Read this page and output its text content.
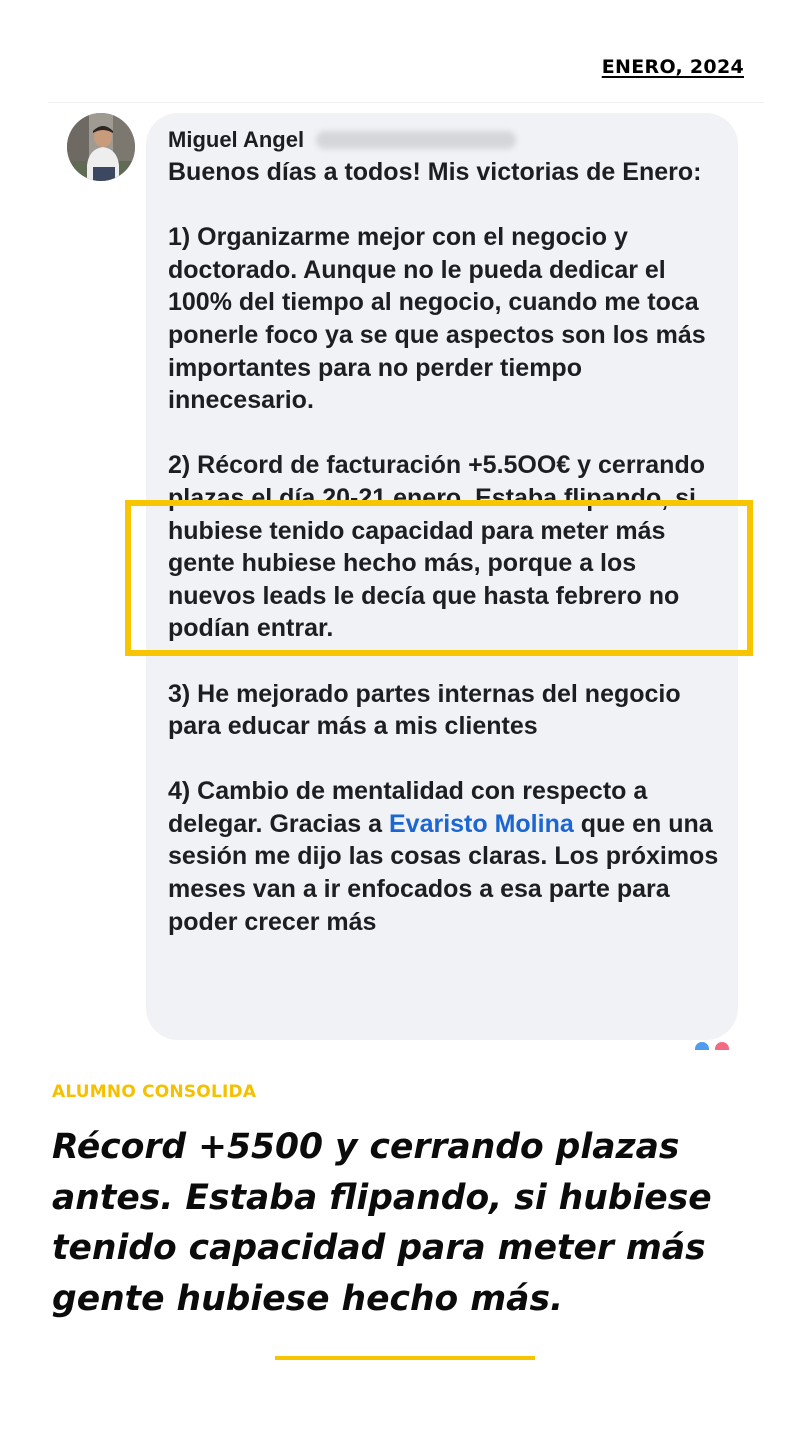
ENERO, 2024
Miguel Angel

Buenos días a todos! Mis victorias de Enero:

1) Organizarme mejor con el negocio y doctorado. Aunque no le pueda dedicar el 100% del tiempo al negocio, cuando me toca ponerle foco ya se que aspectos son los más importantes para no perder tiempo innecesario.

2) Récord de facturación +5.5OO€ y cerrando plazas el día 20-21 enero. Estaba flipando, si hubiese tenido capacidad para meter más gente hubiese hecho más, porque a los nuevos leads le decía que hasta febrero no podían entrar.

3) He mejorado partes internas del negocio para educar más a mis clientes

4) Cambio de mentalidad con respecto a delegar. Gracias a Evaristo Molina que en una sesión me dijo las cosas claras. Los próximos meses van a ir enfocados a esa parte para poder crecer más

ALUMNO CONSOLIDA

Récord +5500 y cerrando plazas antes. Estaba flipando, si hubiese tenido capacidad para meter más gente hubiese hecho más.
